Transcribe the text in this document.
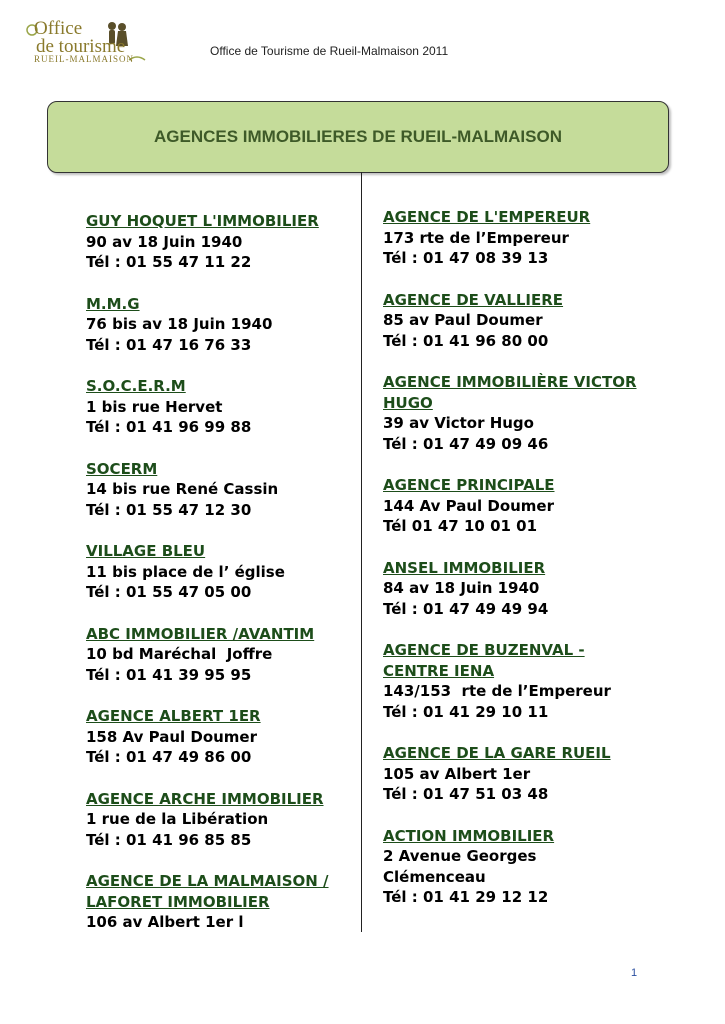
Office
de tourisme
RUEIL-MALMAISON
Office de Tourisme de Rueil-Malmaison 2011
AGENCES IMMOBILIERES DE RUEIL-MALMAISON
GUY HOQUET L'IMMOBILIER
90 av 18 Juin 1940
Tél : 01 55 47 11 22
M.M.G
76 bis av 18 Juin 1940
Tél : 01 47 16 76 33
S.O.C.E.R.M
1 bis rue Hervet
Tél : 01 41 96 99 88
SOCERM
14 bis rue René Cassin
Tél : 01 55 47 12 30
VILLAGE BLEU
11 bis place de l’ église
Tél : 01 55 47 05 00
ABC IMMOBILIER /AVANTIM
10 bd Maréchal  Joffre
Tél : 01 41 39 95 95
AGENCE ALBERT 1ER
158 Av Paul Doumer
Tél : 01 47 49 86 00
AGENCE ARCHE IMMOBILIER
1 rue de la Libération
Tél : 01 41 96 85 85
AGENCE DE LA MALMAISON / LAFORET IMMOBILIER
106 av Albert 1er l
AGENCE DE L'EMPEREUR
173 rte de l’Empereur
Tél : 01 47 08 39 13
AGENCE DE VALLIERE
85 av Paul Doumer
Tél : 01 41 96 80 00
AGENCE IMMOBILIÈRE VICTOR HUGO
39 av Victor Hugo
Tél : 01 47 49 09 46
AGENCE PRINCIPALE
144 Av Paul Doumer
Tél 01 47 10 01 01
ANSEL IMMOBILIER
84 av 18 Juin 1940
Tél : 01 47 49 49 94
AGENCE DE BUZENVAL - CENTRE IENA
143/153  rte de l’Empereur
Tél : 01 41 29 10 11
AGENCE DE LA GARE RUEIL
105 av Albert 1er
Tél : 01 47 51 03 48
ACTION IMMOBILIER
2 Avenue Georges
Clémenceau
Tél : 01 41 29 12 12
1
